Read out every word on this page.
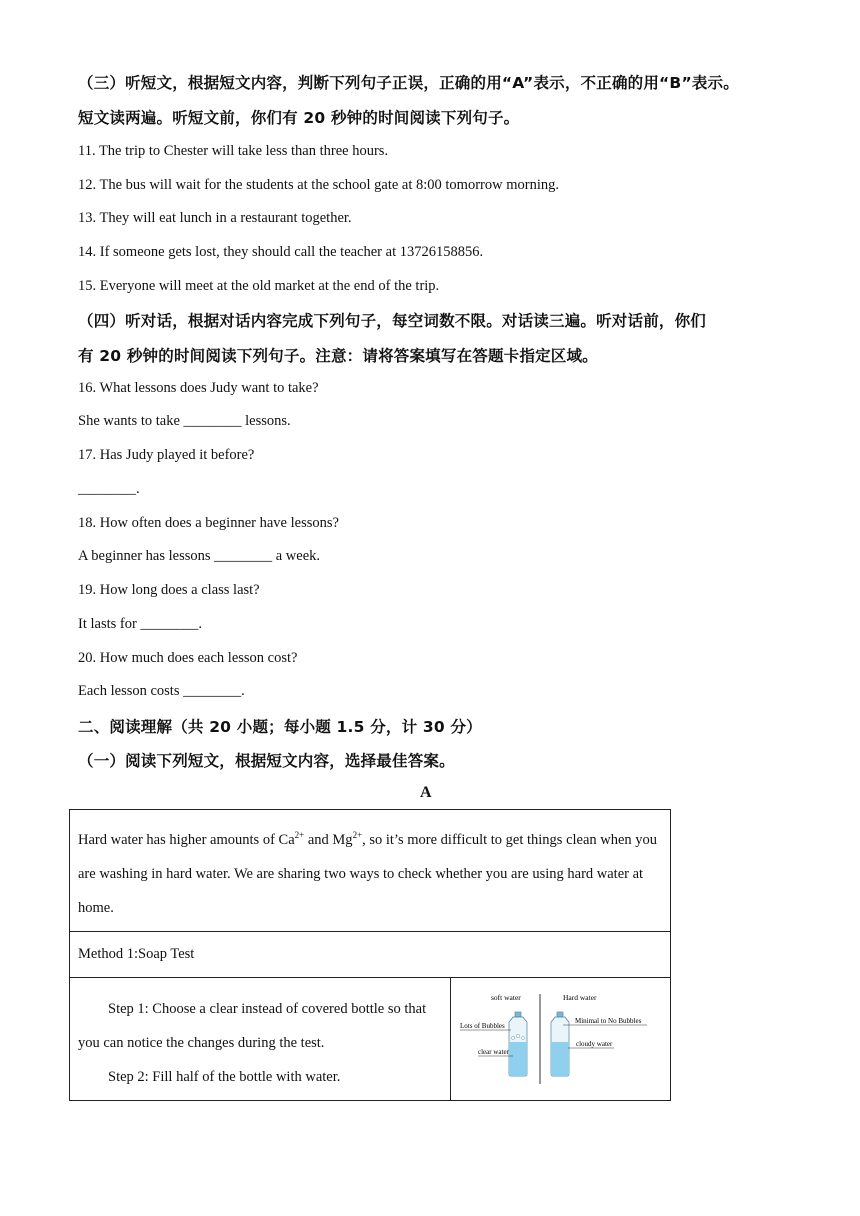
（三）听短文，根据短文内容，判断下列句子正误，正确的用“A”表示，不正确的用“B”表示。
短文读两遍。听短文前，你们有 20 秒钟的时间阅读下列句子。
11. The trip to Chester will take less than three hours.
12. The bus will wait for the students at the school gate at 8:00 tomorrow morning.
13. They will eat lunch in a restaurant together.
14. If someone gets lost, they should call the teacher at 13726158856.
15. Everyone will meet at the old market at the end of the trip.
（四）听对话，根据对话内容完成下列句子，每空词数不限。对话读三遍。听对话前，你们
有 20 秒钟的时间阅读下列句子。注意：请将答案填写在答题卡指定区域。
16. What lessons does Judy want to take?
She wants to take ________ lessons.
17. Has Judy played it before?
________.
18. How often does a beginner have lessons?
A beginner has lessons ________ a week.
19. How long does a class last?
It lasts for ________.
20. How much does each lesson cost?
Each lesson costs ________.
二、阅读理解（共 20 小题；每小题 1.5 分，计 30 分）
（一）阅读下列短文，根据短文内容，选择最佳答案。
A
Hard water has higher amounts of $Ca^{2+}$ and $Mg^{2+}$, so it’s more difficult to get things clean when you are washing in hard water. We are sharing two ways to check whether you are using hard water at home.
Method 1:Soap Test

Step 1: Choose a clear instead of covered bottle so that you can notice the changes during the test.
Step 2: Fill half of the bottle with water.

soft water	Hard water
Lots of Bubbles
clear water
Minimal to No Bubbles
cloudy water
